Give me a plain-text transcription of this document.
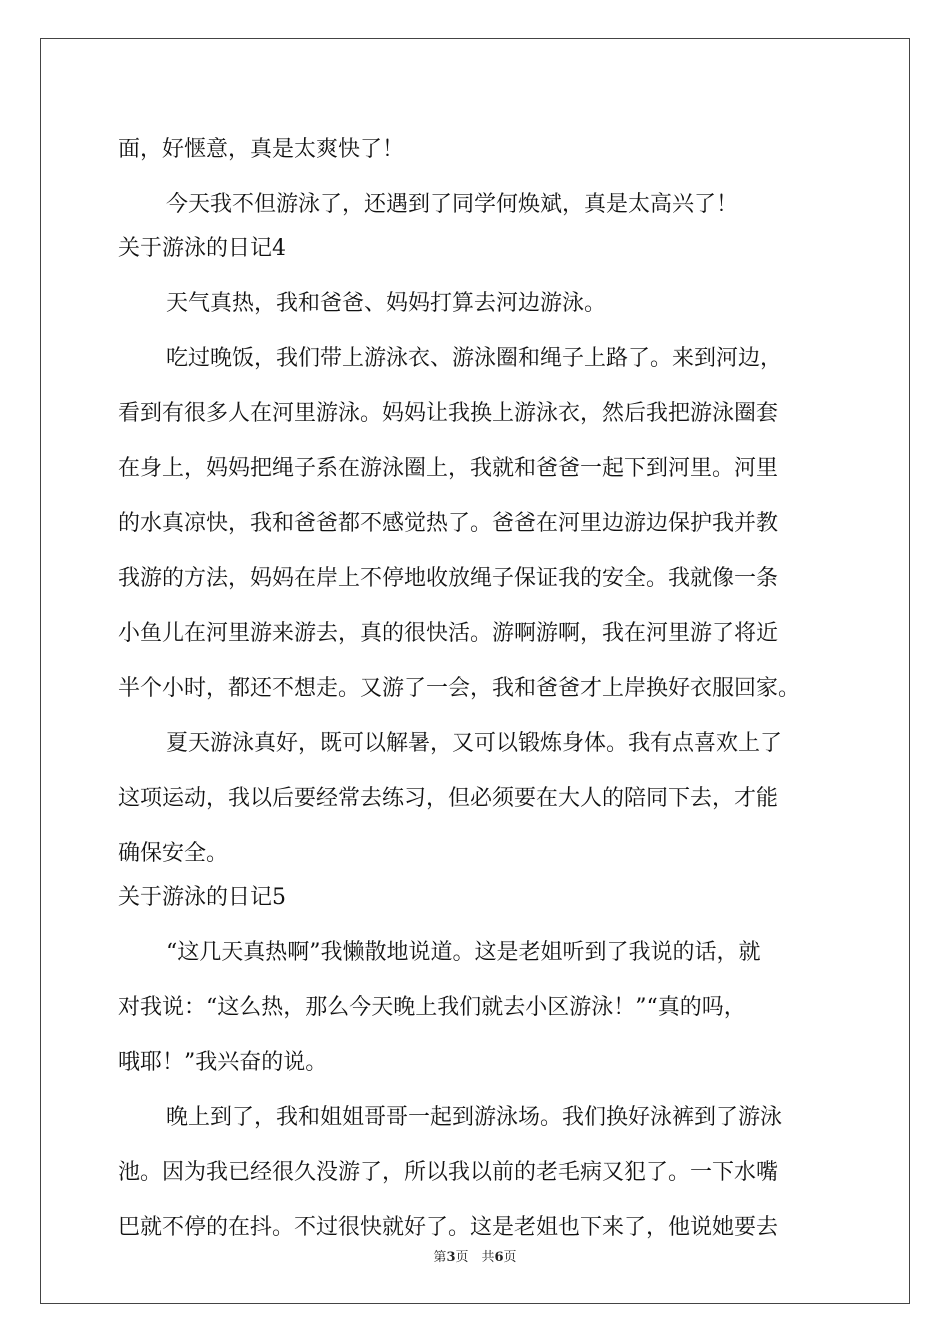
面，好惬意，真是太爽快了！
今天我不但游泳了，还遇到了同学何焕斌，真是太高兴了！
关于游泳的日记4
天气真热，我和爸爸、妈妈打算去河边游泳。
吃过晚饭，我们带上游泳衣、游泳圈和绳子上路了。来到河边，
看到有很多人在河里游泳。妈妈让我换上游泳衣，然后我把游泳圈套
在身上，妈妈把绳子系在游泳圈上，我就和爸爸一起下到河里。河里
的水真凉快，我和爸爸都不感觉热了。爸爸在河里边游边保护我并教
我游的方法，妈妈在岸上不停地收放绳子保证我的安全。我就像一条
小鱼儿在河里游来游去，真的很快活。游啊游啊，我在河里游了将近
半个小时，都还不想走。又游了一会，我和爸爸才上岸换好衣服回家。
夏天游泳真好，既可以解暑，又可以锻炼身体。我有点喜欢上了
这项运动，我以后要经常去练习，但必须要在大人的陪同下去，才能
确保安全。
关于游泳的日记5
“这几天真热啊”我懒散地说道。这是老姐听到了我说的话，就
对我说：“这么热，那么今天晚上我们就去小区游泳！”“真的吗，
哦耶！”我兴奋的说。
晚上到了，我和姐姐哥哥一起到游泳场。我们换好泳裤到了游泳
池。因为我已经很久没游了，所以我以前的老毛病又犯了。一下水嘴
巴就不停的在抖。不过很快就好了。这是老姐也下来了，他说她要去
第3页　共6页
